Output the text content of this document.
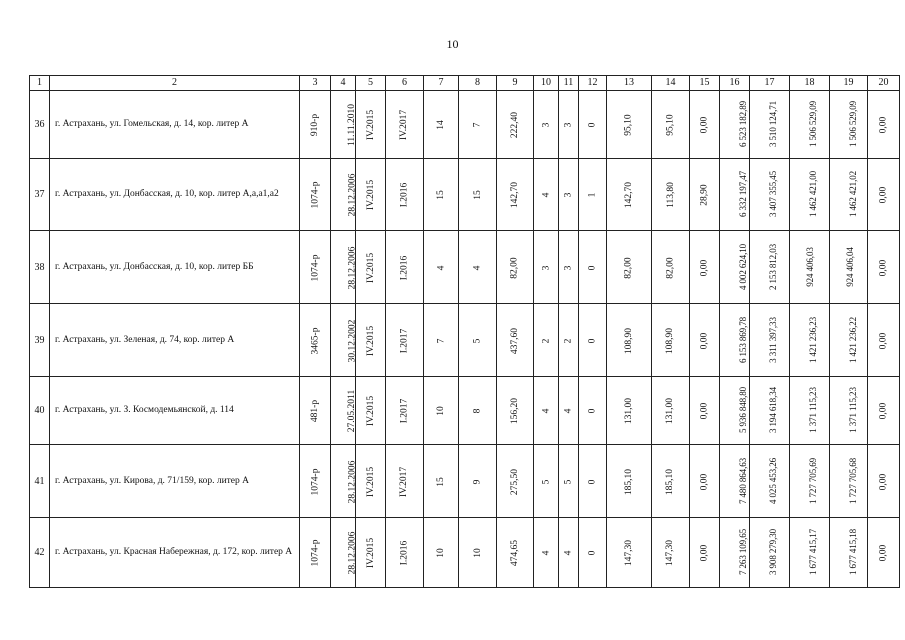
10
1	2	3	4	5	6	7	8	9	10	11	12	13	14	15	16	17	18	19	20
36	г. Астрахань, ул. Гомельская, д. 14, кор. литер А	910-р	11.11.2010	IV.2015	IV.2017	14	7	222,40	3	3	0	95,10	95,10	0,00	6 523 182,89	3 510 124,71	1 506 529,09	1 506 529,09	0,00
37	г. Астрахань, ул. Донбасская, д. 10, кор. литер А,а,а1,а2	1074-р	28.12.2006	IV.2015	I.2016	15	15	142,70	4	3	1	142,70	113,80	28,90	6 332 197,47	3 407 355,45	1 462 421,00	1 462 421,02	0,00
38	г. Астрахань, ул. Донбасская, д. 10, кор. литер ББ	1074-р	28.12.2006	IV.2015	I.2016	4	4	82,00	3	3	0	82,00	82,00	0,00	4 002 624,10	2 153 812,03	924 406,03	924 406,04	0,00
39	г. Астрахань, ул. Зеленая, д. 74, кор. литер А	3465-р	30.12.2002	IV.2015	I.2017	7	5	437,60	2	2	0	108,90	108,90	0,00	6 153 869,78	3 311 397,33	1 421 236,23	1 421 236,22	0,00
40	г. Астрахань, ул. З. Космодемьянской, д. 114	481-р	27.05.2011	IV.2015	I.2017	10	8	156,20	4	4	0	131,00	131,00	0,00	5 936 848,80	3 194 618,34	1 371 115,23	1 371 115,23	0,00
41	г. Астрахань, ул. Кирова, д. 71/159, кор. литер А	1074-р	28.12.2006	IV.2015	IV.2017	15	9	275,50	5	5	0	185,10	185,10	0,00	7 480 864,63	4 025 453,26	1 727 705,69	1 727 705,68	0,00
42	г. Астрахань, ул. Красная Набережная, д. 172, кор. литер А	1074-р	28.12.2006	IV.2015	I.2016	10	10	474,65	4	4	0	147,30	147,30	0,00	7 263 109,65	3 908 279,30	1 677 415,17	1 677 415,18	0,00
